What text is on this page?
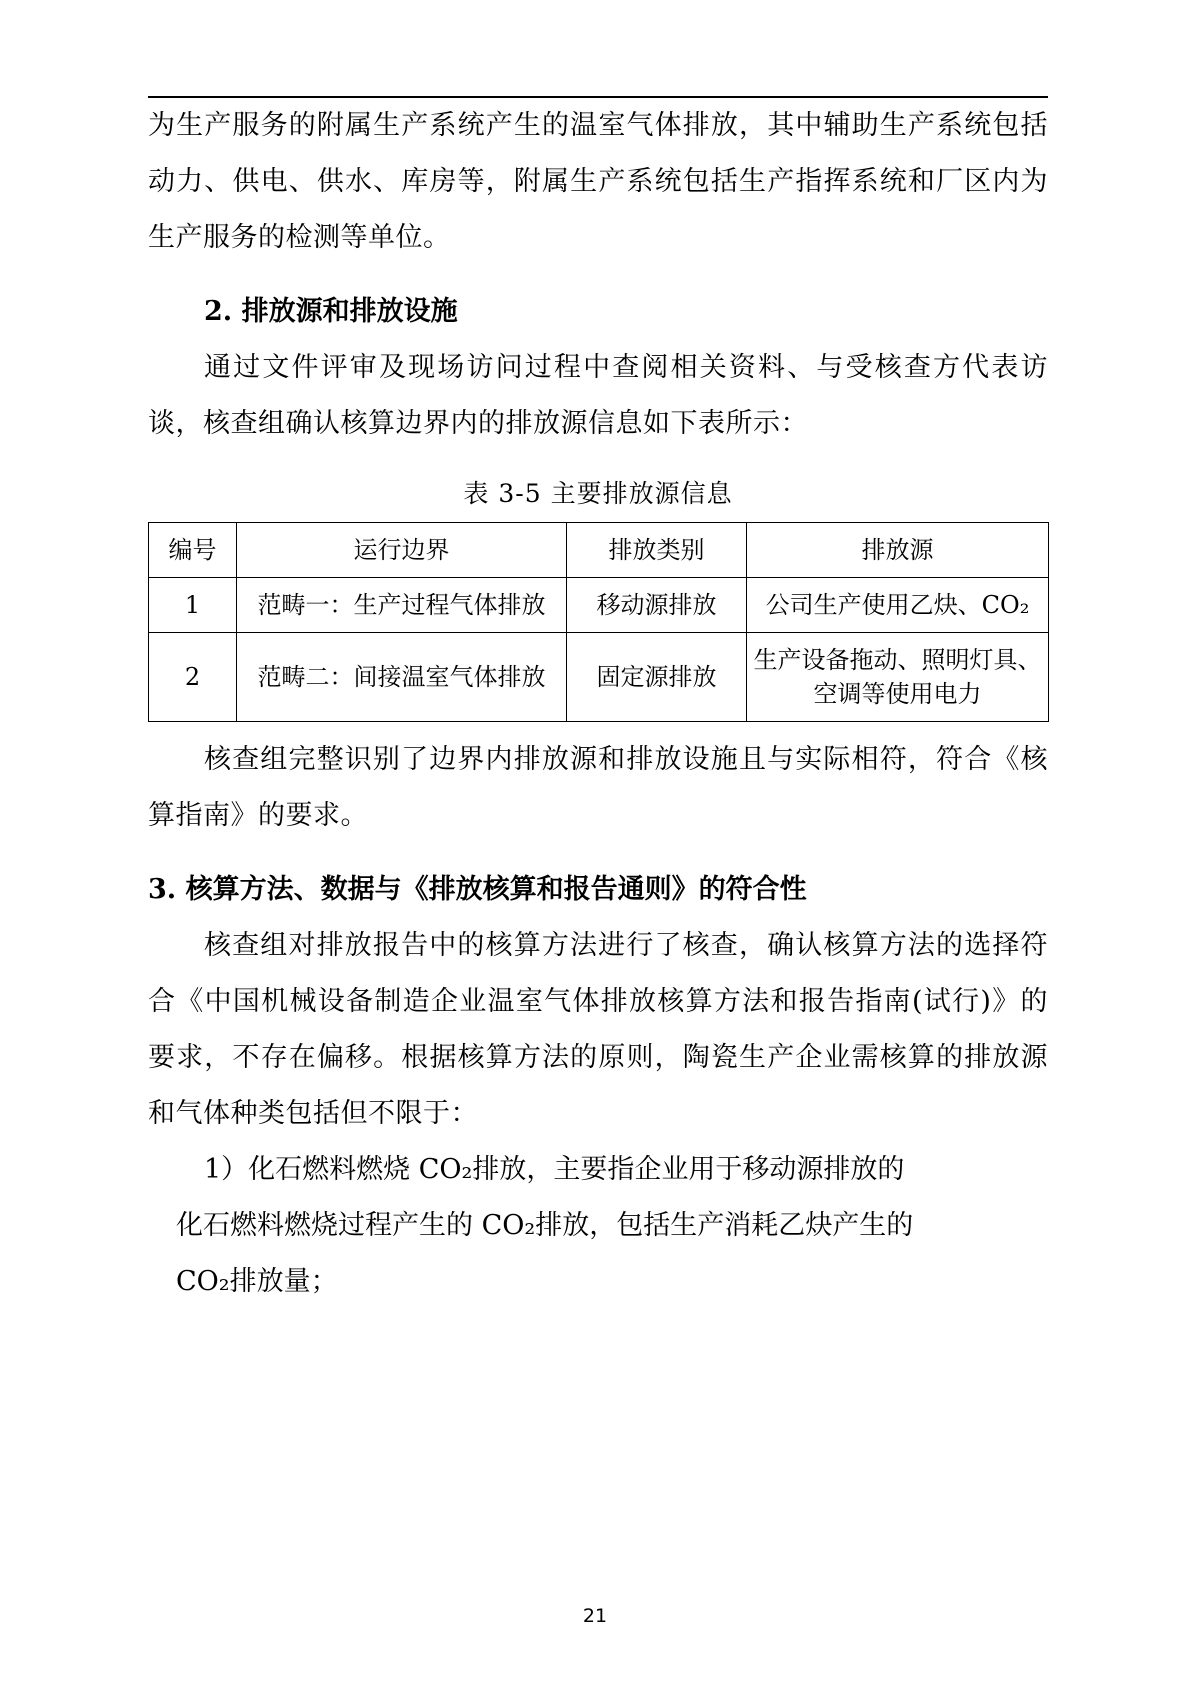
为生产服务的附属生产系统产生的温室气体排放，其中辅助生产系统包括动力、供电、供水、库房等，附属生产系统包括生产指挥系统和厂区内为生产服务的检测等单位。

2. 排放源和排放设施

通过文件评审及现场访问过程中查阅相关资料、与受核查方代表访谈，核查组确认核算边界内的排放源信息如下表所示：

表 3-5 主要排放源信息
编号	运行边界	排放类别	排放源
1	范畴一：生产过程气体排放	移动源排放	公司生产使用乙炔、CO₂
2	范畴二：间接温室气体排放	固定源排放	生产设备拖动、照明灯具、空调等使用电力

核查组完整识别了边界内排放源和排放设施且与实际相符，符合《核算指南》的要求。

3. 核算方法、数据与《排放核算和报告通则》的符合性

核查组对排放报告中的核算方法进行了核查，确认核算方法的选择符合《中国机械设备制造企业温室气体排放核算方法和报告指南(试行)》的要求，不存在偏移。根据核算方法的原则，陶瓷生产企业需核算的排放源和气体种类包括但不限于：

1）化石燃料燃烧 CO₂排放，主要指企业用于移动源排放的

化石燃料燃烧过程产生的 CO₂排放，包括生产消耗乙炔产生的

CO₂排放量；

21
